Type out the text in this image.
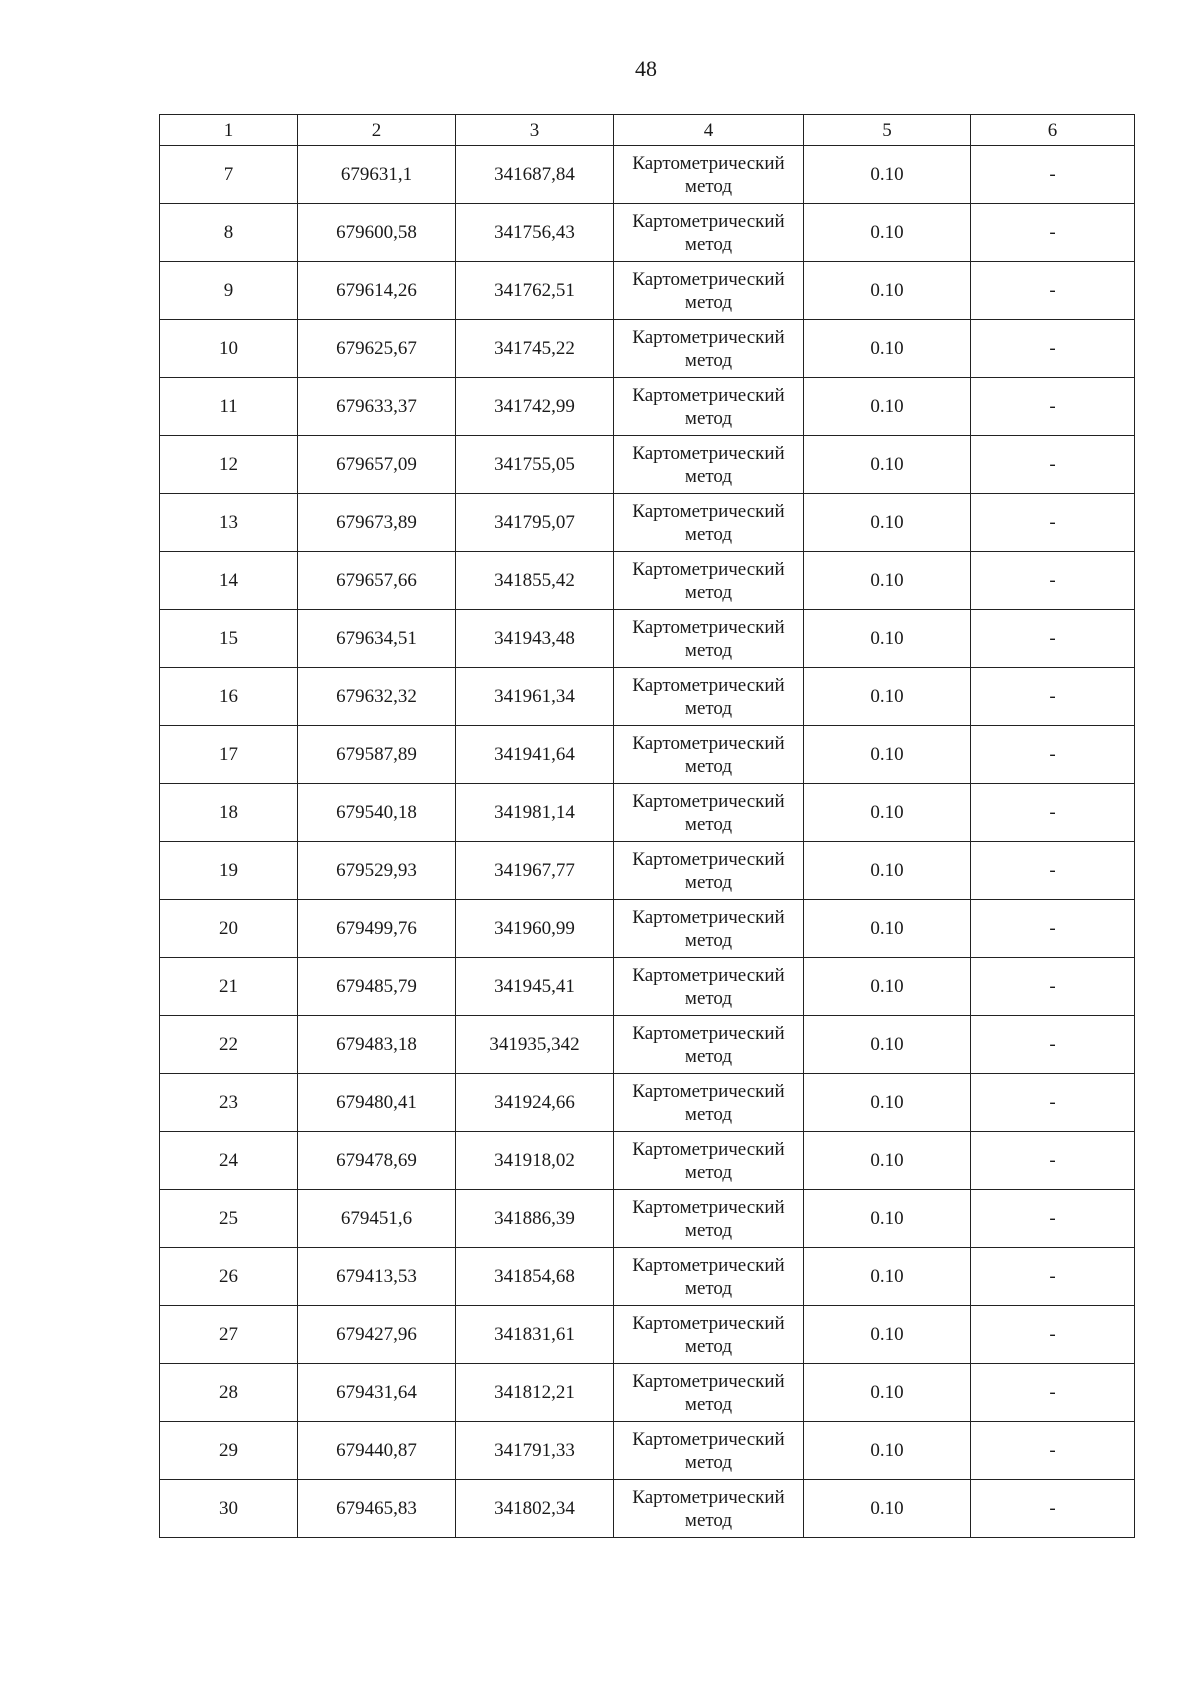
48
1	2	3	4	5	6
7	679631,1	341687,84	Картометрический метод	0.10	-
8	679600,58	341756,43	Картометрический метод	0.10	-
9	679614,26	341762,51	Картометрический метод	0.10	-
10	679625,67	341745,22	Картометрический метод	0.10	-
11	679633,37	341742,99	Картометрический метод	0.10	-
12	679657,09	341755,05	Картометрический метод	0.10	-
13	679673,89	341795,07	Картометрический метод	0.10	-
14	679657,66	341855,42	Картометрический метод	0.10	-
15	679634,51	341943,48	Картометрический метод	0.10	-
16	679632,32	341961,34	Картометрический метод	0.10	-
17	679587,89	341941,64	Картометрический метод	0.10	-
18	679540,18	341981,14	Картометрический метод	0.10	-
19	679529,93	341967,77	Картометрический метод	0.10	-
20	679499,76	341960,99	Картометрический метод	0.10	-
21	679485,79	341945,41	Картометрический метод	0.10	-
22	679483,18	341935,342	Картометрический метод	0.10	-
23	679480,41	341924,66	Картометрический метод	0.10	-
24	679478,69	341918,02	Картометрический метод	0.10	-
25	679451,6	341886,39	Картометрический метод	0.10	-
26	679413,53	341854,68	Картометрический метод	0.10	-
27	679427,96	341831,61	Картометрический метод	0.10	-
28	679431,64	341812,21	Картометрический метод	0.10	-
29	679440,87	341791,33	Картометрический метод	0.10	-
30	679465,83	341802,34	Картометрический метод	0.10	-
